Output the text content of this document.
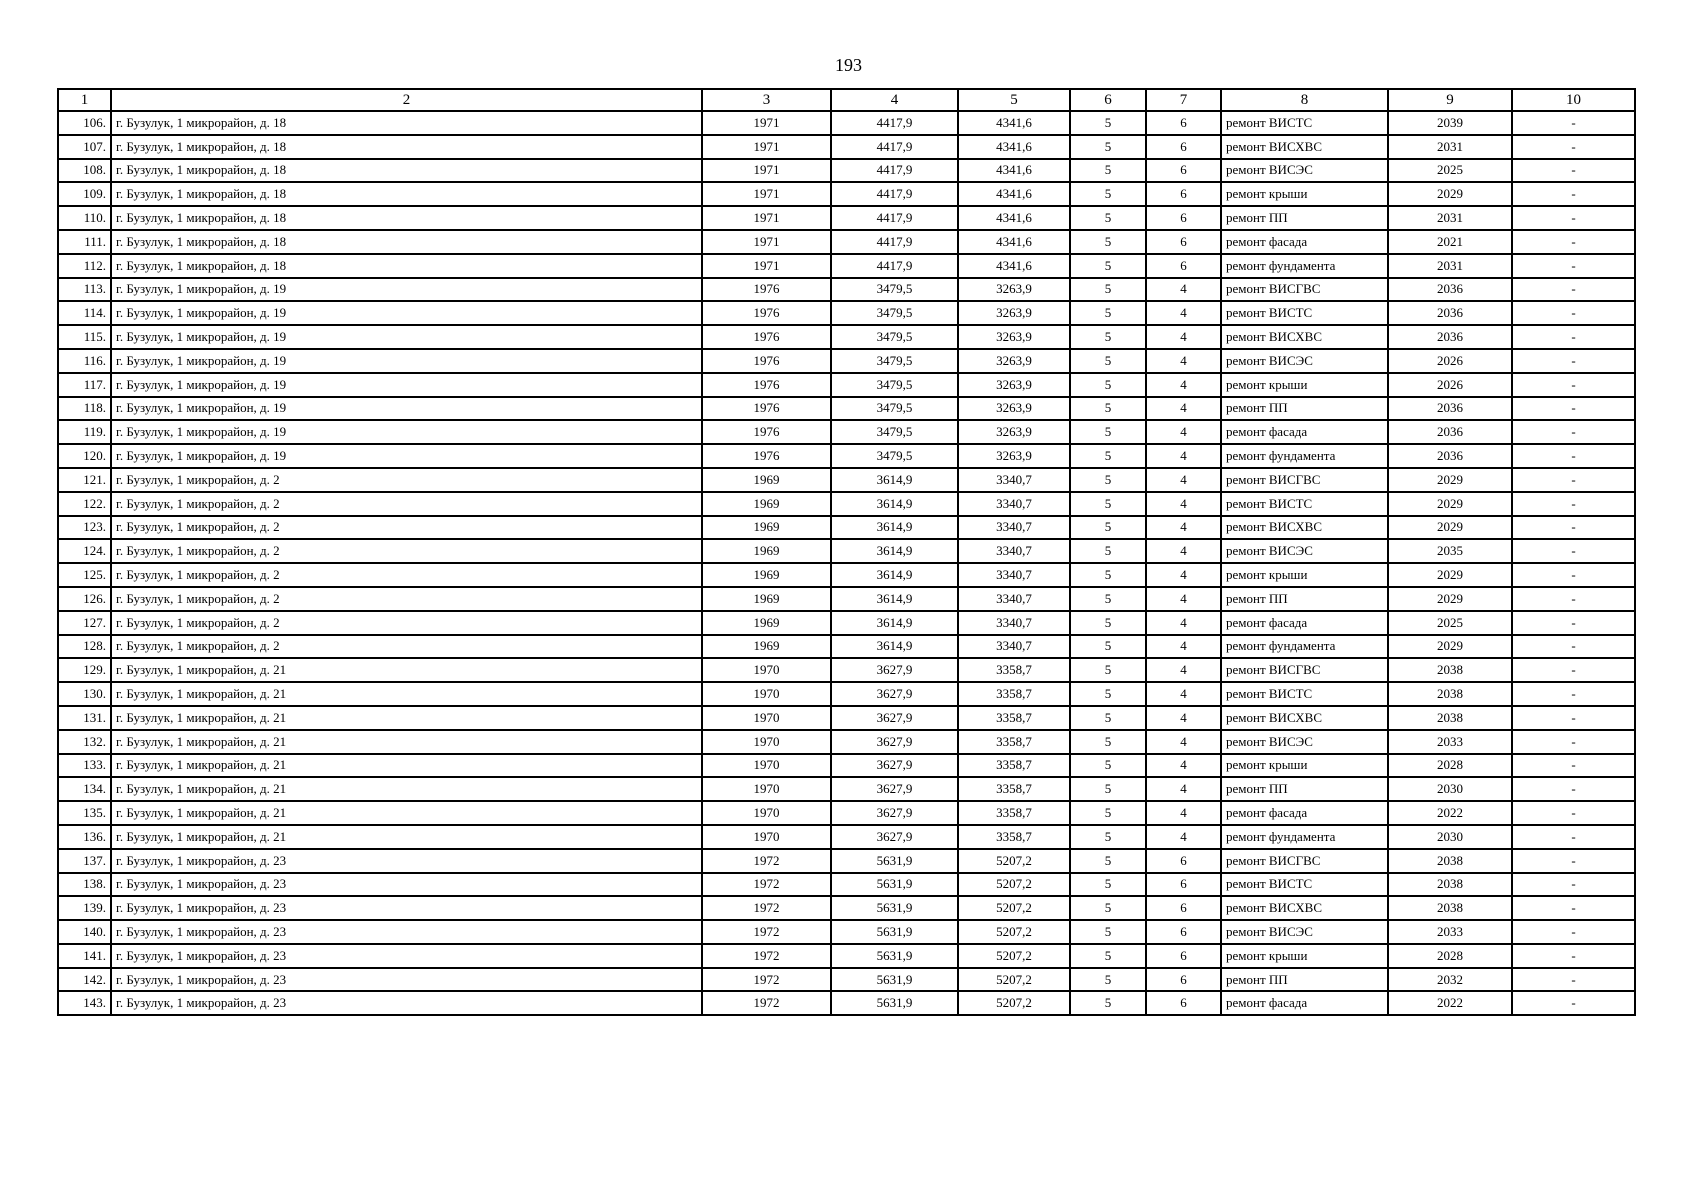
193
1	2	3	4	5	6	7	8	9	10
106.	г. Бузулук, 1 микрорайон, д. 18	1971	4417,9	4341,6	5	6	ремонт ВИСТС	2039	-
107.	г. Бузулук, 1 микрорайон, д. 18	1971	4417,9	4341,6	5	6	ремонт ВИСХВС	2031	-
108.	г. Бузулук, 1 микрорайон, д. 18	1971	4417,9	4341,6	5	6	ремонт ВИСЭС	2025	-
109.	г. Бузулук, 1 микрорайон, д. 18	1971	4417,9	4341,6	5	6	ремонт крыши	2029	-
110.	г. Бузулук, 1 микрорайон, д. 18	1971	4417,9	4341,6	5	6	ремонт ПП	2031	-
111.	г. Бузулук, 1 микрорайон, д. 18	1971	4417,9	4341,6	5	6	ремонт фасада	2021	-
112.	г. Бузулук, 1 микрорайон, д. 18	1971	4417,9	4341,6	5	6	ремонт фундамента	2031	-
113.	г. Бузулук, 1 микрорайон, д. 19	1976	3479,5	3263,9	5	4	ремонт ВИСГВС	2036	-
114.	г. Бузулук, 1 микрорайон, д. 19	1976	3479,5	3263,9	5	4	ремонт ВИСТС	2036	-
115.	г. Бузулук, 1 микрорайон, д. 19	1976	3479,5	3263,9	5	4	ремонт ВИСХВС	2036	-
116.	г. Бузулук, 1 микрорайон, д. 19	1976	3479,5	3263,9	5	4	ремонт ВИСЭС	2026	-
117.	г. Бузулук, 1 микрорайон, д. 19	1976	3479,5	3263,9	5	4	ремонт крыши	2026	-
118.	г. Бузулук, 1 микрорайон, д. 19	1976	3479,5	3263,9	5	4	ремонт ПП	2036	-
119.	г. Бузулук, 1 микрорайон, д. 19	1976	3479,5	3263,9	5	4	ремонт фасада	2036	-
120.	г. Бузулук, 1 микрорайон, д. 19	1976	3479,5	3263,9	5	4	ремонт фундамента	2036	-
121.	г. Бузулук, 1 микрорайон, д. 2	1969	3614,9	3340,7	5	4	ремонт ВИСГВС	2029	-
122.	г. Бузулук, 1 микрорайон, д. 2	1969	3614,9	3340,7	5	4	ремонт ВИСТС	2029	-
123.	г. Бузулук, 1 микрорайон, д. 2	1969	3614,9	3340,7	5	4	ремонт ВИСХВС	2029	-
124.	г. Бузулук, 1 микрорайон, д. 2	1969	3614,9	3340,7	5	4	ремонт ВИСЭС	2035	-
125.	г. Бузулук, 1 микрорайон, д. 2	1969	3614,9	3340,7	5	4	ремонт крыши	2029	-
126.	г. Бузулук, 1 микрорайон, д. 2	1969	3614,9	3340,7	5	4	ремонт ПП	2029	-
127.	г. Бузулук, 1 микрорайон, д. 2	1969	3614,9	3340,7	5	4	ремонт фасада	2025	-
128.	г. Бузулук, 1 микрорайон, д. 2	1969	3614,9	3340,7	5	4	ремонт фундамента	2029	-
129.	г. Бузулук, 1 микрорайон, д. 21	1970	3627,9	3358,7	5	4	ремонт ВИСГВС	2038	-
130.	г. Бузулук, 1 микрорайон, д. 21	1970	3627,9	3358,7	5	4	ремонт ВИСТС	2038	-
131.	г. Бузулук, 1 микрорайон, д. 21	1970	3627,9	3358,7	5	4	ремонт ВИСХВС	2038	-
132.	г. Бузулук, 1 микрорайон, д. 21	1970	3627,9	3358,7	5	4	ремонт ВИСЭС	2033	-
133.	г. Бузулук, 1 микрорайон, д. 21	1970	3627,9	3358,7	5	4	ремонт крыши	2028	-
134.	г. Бузулук, 1 микрорайон, д. 21	1970	3627,9	3358,7	5	4	ремонт ПП	2030	-
135.	г. Бузулук, 1 микрорайон, д. 21	1970	3627,9	3358,7	5	4	ремонт фасада	2022	-
136.	г. Бузулук, 1 микрорайон, д. 21	1970	3627,9	3358,7	5	4	ремонт фундамента	2030	-
137.	г. Бузулук, 1 микрорайон, д. 23	1972	5631,9	5207,2	5	6	ремонт ВИСГВС	2038	-
138.	г. Бузулук, 1 микрорайон, д. 23	1972	5631,9	5207,2	5	6	ремонт ВИСТС	2038	-
139.	г. Бузулук, 1 микрорайон, д. 23	1972	5631,9	5207,2	5	6	ремонт ВИСХВС	2038	-
140.	г. Бузулук, 1 микрорайон, д. 23	1972	5631,9	5207,2	5	6	ремонт ВИСЭС	2033	-
141.	г. Бузулук, 1 микрорайон, д. 23	1972	5631,9	5207,2	5	6	ремонт крыши	2028	-
142.	г. Бузулук, 1 микрорайон, д. 23	1972	5631,9	5207,2	5	6	ремонт ПП	2032	-
143.	г. Бузулук, 1 микрорайон, д. 23	1972	5631,9	5207,2	5	6	ремонт фасада	2022	-
